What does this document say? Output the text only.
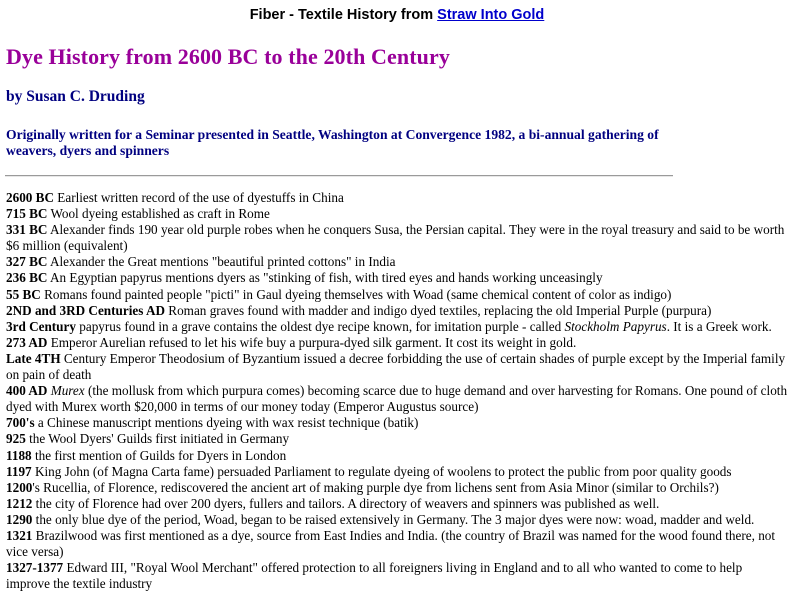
Fiber - Textile History from Straw Into Gold

Dye History from 2600 BC to the 20th Century
by Susan C. Druding

Originally written for a Seminar presented in Seattle, Washington at Convergence 1982, a bi-annual gathering of weavers, dyers and spinners

2600 BC Earliest written record of the use of dyestuffs in China
715 BC Wool dyeing established as craft in Rome
331 BC Alexander finds 190 year old purple robes when he conquers Susa, the Persian capital. They were in the royal treasury and said to be worth $6 million (equivalent)
327 BC Alexander the Great mentions "beautiful printed cottons" in India
236 BC An Egyptian papyrus mentions dyers as "stinking of fish, with tired eyes and hands working unceasingly
55 BC Romans found painted people "picti" in Gaul dyeing themselves with Woad (same chemical content of color as indigo)
2ND and 3RD Centuries AD Roman graves found with madder and indigo dyed textiles, replacing the old Imperial Purple (purpura)
3rd Century papyrus found in a grave contains the oldest dye recipe known, for imitation purple - called Stockholm Papyrus. It is a Greek work.
273 AD Emperor Aurelian refused to let his wife buy a purpura-dyed silk garment. It cost its weight in gold.
Late 4TH Century Emperor Theodosium of Byzantium issued a decree forbidding the use of certain shades of purple except by the Imperial family on pain of death
400 AD Murex (the mollusk from which purpura comes) becoming scarce due to huge demand and over harvesting for Romans. One pound of cloth dyed with Murex worth $20,000 in terms of our money today (Emperor Augustus source)
700's a Chinese manuscript mentions dyeing with wax resist technique (batik)
925 the Wool Dyers' Guilds first initiated in Germany
1188 the first mention of Guilds for Dyers in London
1197 King John (of Magna Carta fame) persuaded Parliament to regulate dyeing of woolens to protect the public from poor quality goods
1200's Rucellia, of Florence, rediscovered the ancient art of making purple dye from lichens sent from Asia Minor (similar to Orchils?)
1212 the city of Florence had over 200 dyers, fullers and tailors. A directory of weavers and spinners was published as well.
1290 the only blue dye of the period, Woad, began to be raised extensively in Germany. The 3 major dyes were now: woad, madder and weld.
1321 Brazilwood was first mentioned as a dye, source from East Indies and India. (the country of Brazil was named for the wood found there, not vice versa)
1327-1377 Edward III, "Royal Wool Merchant" offered protection to all foreigners living in England and to all who wanted to come to help improve the textile industry
